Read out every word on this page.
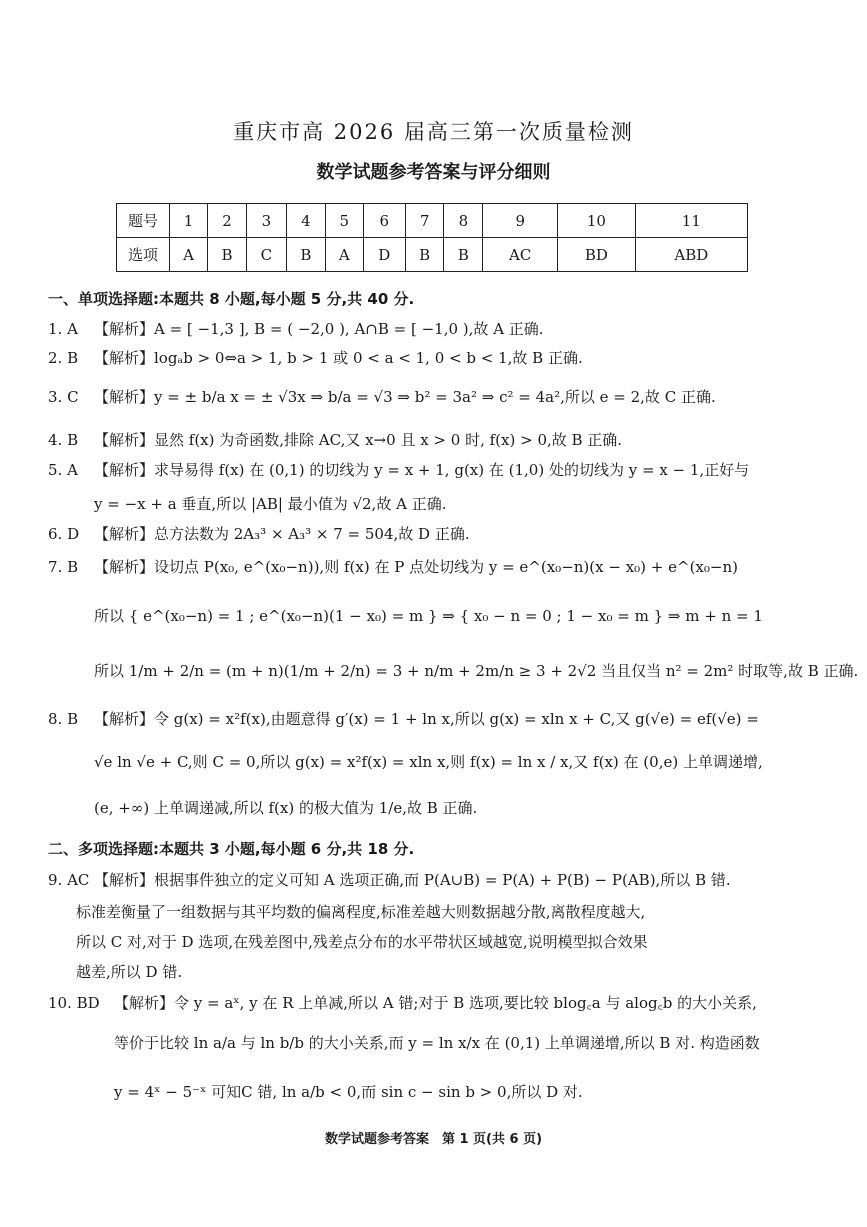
重庆市高 2026 届高三第一次质量检测
数学试题参考答案与评分细则
题号	1	2	3	4	5	6	7	8	9	10	11
选项	A	B	C	B	A	D	B	B	AC	BD	ABD
一、单项选择题:本题共 8 小题,每小题 5 分,共 40 分.
1. A 【解析】A = [ −1,3 ], B = ( −2,0 ), A∩B = [ −1,0 ),故 A 正确.
2. B 【解析】logₐb > 0⇔a > 1, b > 1 或 0 < a < 1, 0 < b < 1,故 B 正确.
3. C 【解析】y = ± b/a x = ± √3x ⇒ b/a = √3 ⇒ b² = 3a² ⇒ c² = 4a²,所以 e = 2,故 C 正确.
4. B 【解析】显然 f(x) 为奇函数,排除 AC,又 x→0 且 x > 0 时, f(x) > 0,故 B 正确.
5. A 【解析】求导易得 f(x) 在 (0,1) 的切线为 y = x + 1, g(x) 在 (1,0) 处的切线为 y = x − 1,正好与
y = −x + a 垂直,所以 |AB| 最小值为 √2,故 A 正确.
6. D 【解析】总方法数为 2A₃³ × A₃³ × 7 = 504,故 D 正确.
7. B 【解析】设切点 P(x₀, e^(x₀−n)),则 f(x) 在 P 点处切线为 y = e^(x₀−n)(x − x₀) + e^(x₀−n)
所以 { e^(x₀−n) = 1 ; e^(x₀−n)(1 − x₀) = m } ⇒ { x₀ − n = 0 ; 1 − x₀ = m } ⇒ m + n = 1
所以 1/m + 2/n = (m + n)(1/m + 2/n) = 3 + n/m + 2m/n ≥ 3 + 2√2 当且仅当 n² = 2m² 时取等,故 B 正确.
8. B 【解析】令 g(x) = x²f(x),由题意得 g′(x) = 1 + ln x,所以 g(x) = xln x + C,又 g(√e) = ef(√e) =
√e ln √e + C,则 C = 0,所以 g(x) = x²f(x) = xln x,则 f(x) = ln x / x,又 f(x) 在 (0,e) 上单调递增,
(e, +∞) 上单调递减,所以 f(x) 的极大值为 1/e,故 B 正确.
二、多项选择题:本题共 3 小题,每小题 6 分,共 18 分.
9. AC 【解析】根据事件独立的定义可知 A 选项正确,而 P(A∪B) = P(A) + P(B) − P(AB),所以 B 错.
标准差衡量了一组数据与其平均数的偏离程度,标准差越大则数据越分散,离散程度越大,
所以 C 对,对于 D 选项,在残差图中,残差点分布的水平带状区域越宽,说明模型拟合效果
越差,所以 D 错.
10. BD 【解析】令 y = aˣ, y 在 R 上单减,所以 A 错;对于 B 选项,要比较 blog꜀a 与 alog꜀b 的大小关系,
等价于比较 ln a/a 与 ln b/b 的大小关系,而 y = ln x/x 在 (0,1) 上单调递增,所以 B 对. 构造函数
y = 4ˣ − 5⁻ˣ 可知C 错, ln a/b < 0,而 sin c − sin b > 0,所以 D 对.
数学试题参考答案　第 1 页(共 6 页)
